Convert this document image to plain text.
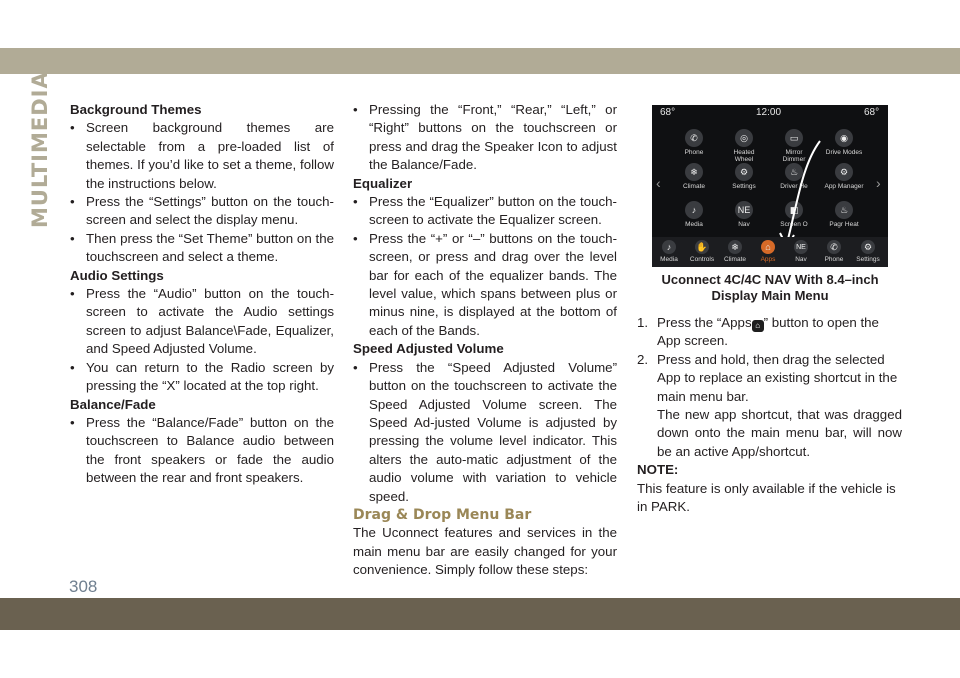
MULTIMEDIA
308

Background Themes

• Screen background themes are selectable from a pre-loaded list of themes. If you’d like to set a theme, follow the instructions below.

• Press the “Settings” button on the touch-screen and select the display menu.

• Then press the “Set Theme” button on the touchscreen and select a theme.

Audio Settings

• Press the “Audio” button on the touch-screen to activate the Audio settings screen to adjust Balance\Fade, Equalizer, and Speed Adjusted Volume.

• You can return to the Radio screen by pressing the “X” located at the top right.

Balance/Fade

• Press the “Balance/Fade” button on the touchscreen to Balance audio between the front speakers or fade the audio between the rear and front speakers.

• Pressing the “Front,” “Rear,” “Left,” or “Right” buttons on the touchscreen or press and drag the Speaker Icon to adjust the Balance/Fade.

Equalizer

• Press the “Equalizer” button on the touch-screen to activate the Equalizer screen.

• Press the “+” or “–” buttons on the touch-screen, or press and drag over the level bar for each of the equalizer bands. The level value, which spans between plus or minus nine, is displayed at the bottom of each of the Bands.

Speed Adjusted Volume

• Press the “Speed Adjusted Volume” button on the touchscreen to activate the Speed Adjusted Volume screen. The Speed Ad-justed Volume is adjusted by pressing the volume level indicator. This alters the auto-matic adjustment of the audio volume with variation to vehicle speed.

Drag & Drop Menu Bar

The Uconnect features and services in the main menu bar are easily changed for your convenience. Simply follow these steps:

68°	12:00	68°
‹	›
✆
Phone
◎
Heated Wheel
▭
Mirror Dimmer
◉
Drive Modes
❄
Climate
⚙
Settings
♨
Driver He
⚙
App Manager
♪
Media
NE
Nav
◧
Screen O
♨
Pagr Heat
♪
Media
✋
Controls
❄
Climate
⌂
Apps
NE
Nav
✆
Phone
⚙
Settings
Uconnect 4C/4C NAV With 8.4–inch
Display Main Menu

1. Press the “Apps ⌂ ” button to open the App screen.

2. Press and hold, then drag the selected App to replace an existing shortcut in the main menu bar.

The new app shortcut, that was dragged down onto the main menu bar, will now be an active App/shortcut.

NOTE:

This feature is only available if the vehicle is in PARK.
